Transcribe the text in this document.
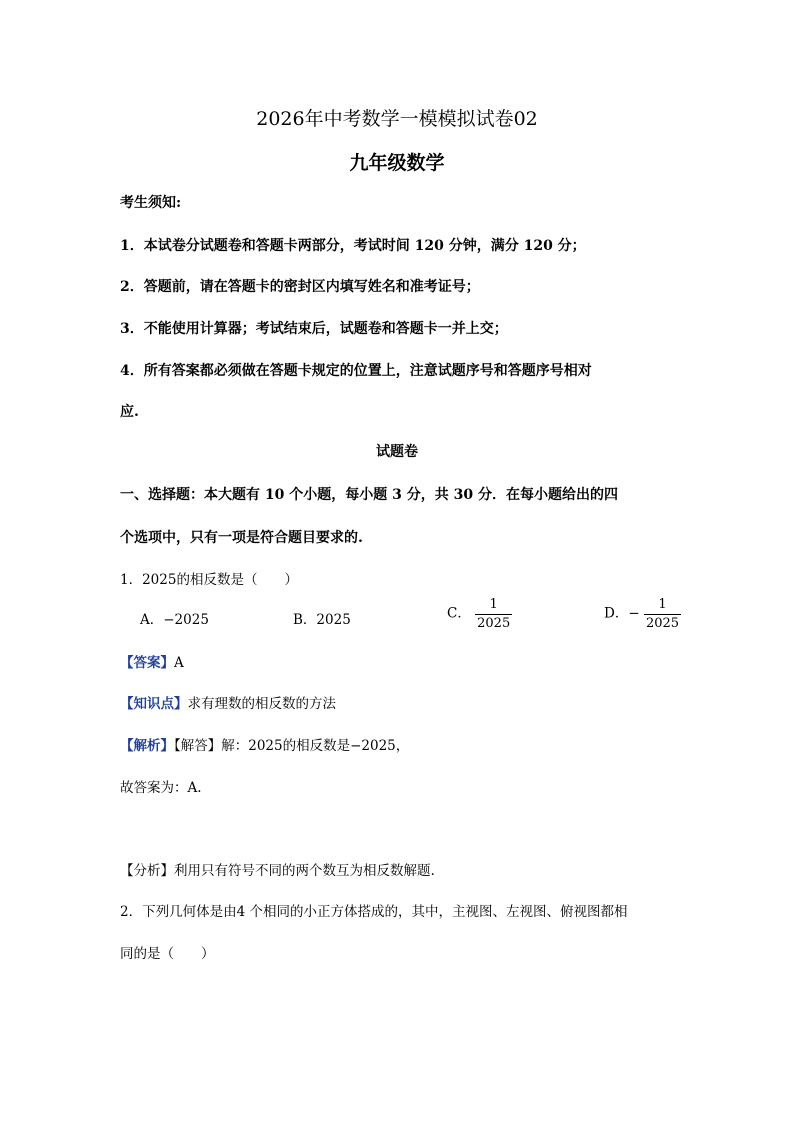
2026年中考数学一模模拟试卷02
九年级数学
考生须知:
1．本试卷分试题卷和答题卡两部分，考试时间 120 分钟，满分 120 分；
2．答题前，请在答题卡的密封区内填写姓名和准考证号；
3．不能使用计算器；考试结束后，试题卷和答题卡一并上交；
4．所有答案都必须做在答题卡规定的位置上，注意试题序号和答题序号相对
应.
试题卷
一、选择题：本大题有 10 个小题，每小题 3 分，共 30 分．在每小题给出的四
个选项中，只有一项是符合题目要求的.
1．2025的相反数是（　　）
A．−2025	B．2025	C． $\frac{1}{2025}$	D．− $\frac{1}{2025}$
【答案】A
【知识点】求有理数的相反数的方法
【解析】【解答】解：2025的相反数是−2025，
故答案为：A.
【分析】利用只有符号不同的两个数互为相反数解题.
2．下列几何体是由4 个相同的小正方体搭成的，其中，主视图、左视图、俯视图都相
同的是（　　）
